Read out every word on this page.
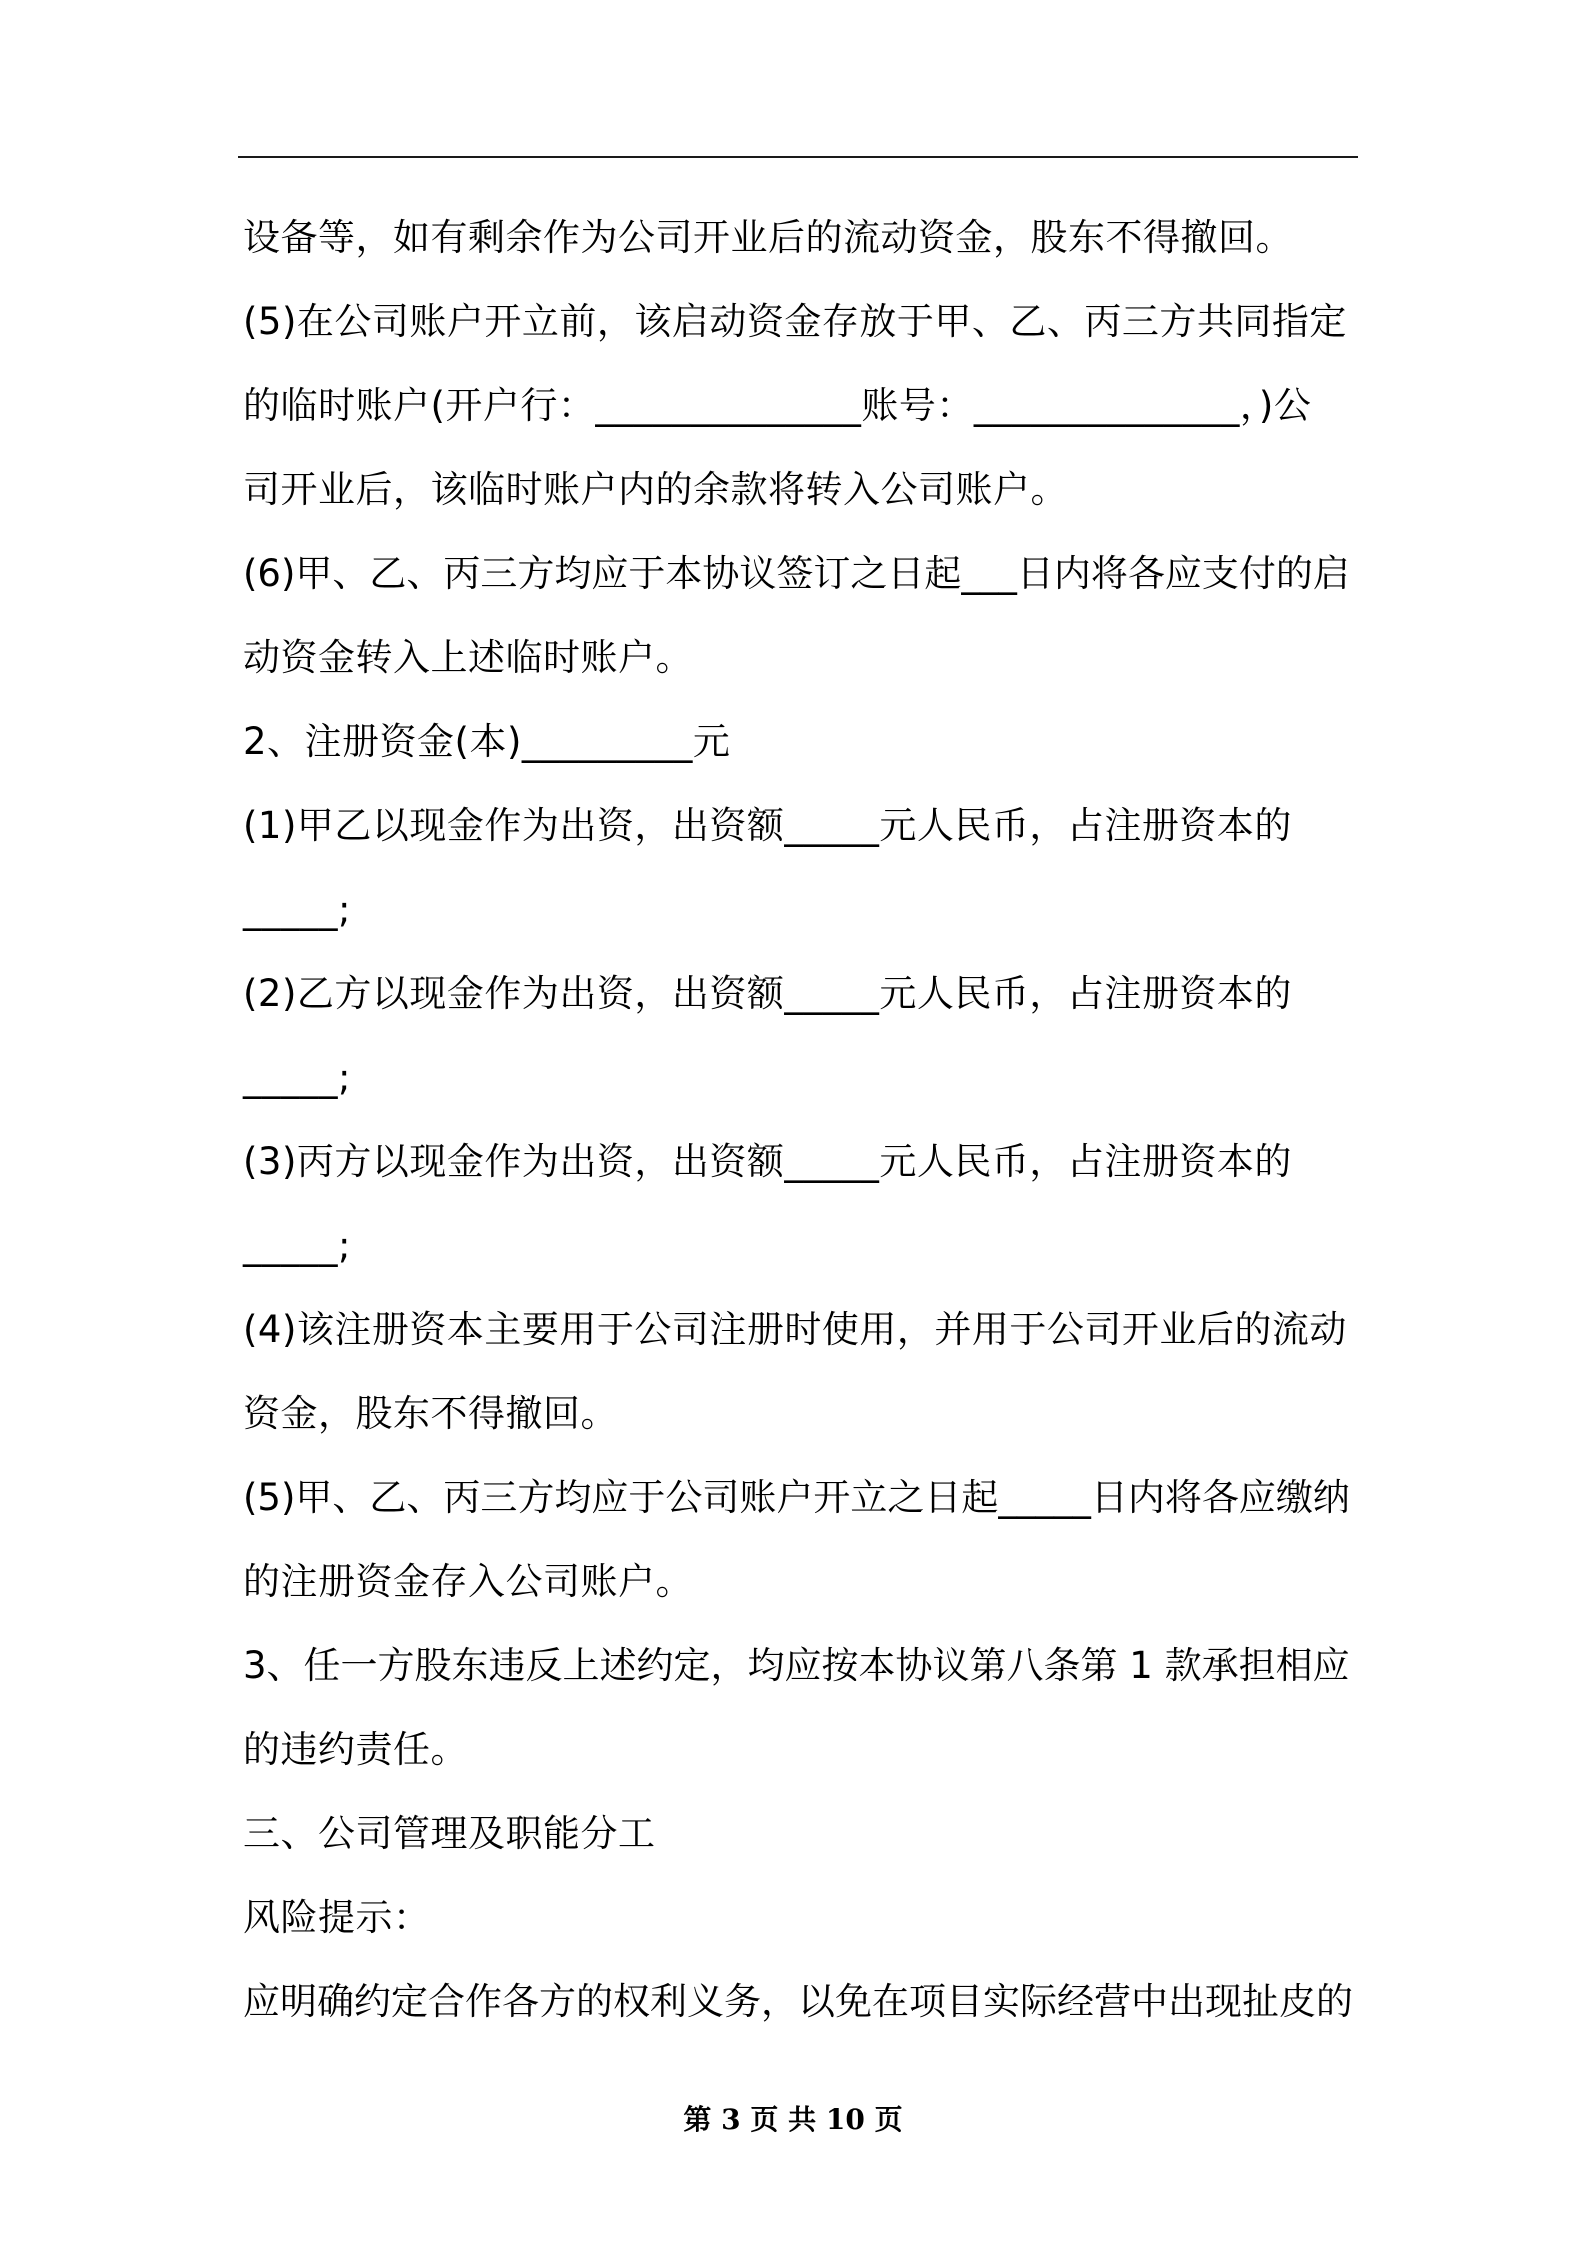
设备等，如有剩余作为公司开业后的流动资金，股东不得撤回。
(5)在公司账户开立前，该启动资金存放于甲、乙、丙三方共同指定
的临时账户(开户行：______________账号：______________，)公
司开业后，该临时账户内的余款将转入公司账户。
(6)甲、乙、丙三方均应于本协议签订之日起___日内将各应支付的启
动资金转入上述临时账户。
2、注册资金(本)_________元
(1)甲乙以现金作为出资，出资额_____元人民币，占注册资本的
_____;
(2)乙方以现金作为出资，出资额_____元人民币，占注册资本的
_____;
(3)丙方以现金作为出资，出资额_____元人民币，占注册资本的
_____;
(4)该注册资本主要用于公司注册时使用，并用于公司开业后的流动
资金，股东不得撤回。
(5)甲、乙、丙三方均应于公司账户开立之日起_____日内将各应缴纳
的注册资金存入公司账户。
3、任一方股东违反上述约定，均应按本协议第八条第 1 款承担相应
的违约责任。
三、公司管理及职能分工
风险提示：
应明确约定合作各方的权利义务，以免在项目实际经营中出现扯皮的
第 3 页 共 10 页
